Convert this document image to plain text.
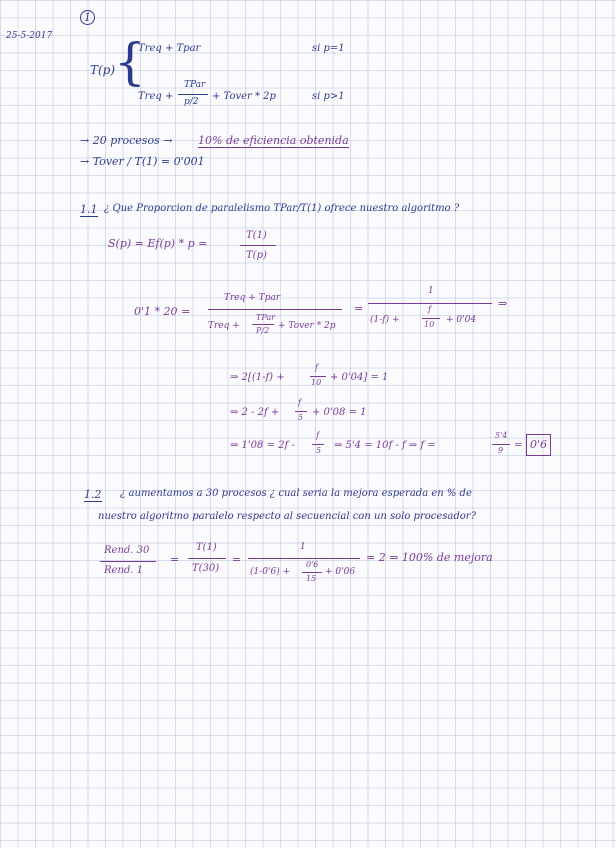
1
25-5-2017
T(p)
{
Treq + Tpar	si p=1
Treq +
TPar
p/2 + Tover * 2p	si p>1
→ 20 procesos → 10% de eficiencia obtenida
→ Tover / T(1) = 0'001
1.1 ¿ Que Proporcion de paralelismo TPar/T(1) ofrece nuestro algoritmo ?
S(p) = Ef(p) * p =
T(1)
T(p)
0'1 * 20 =
Treq + Tpar
Treq +
TPar
P/2 + Tover * 2p
=
1
(1-f) +
f
10 + 0'04
⇒
⇒ 2[(1-f) +
f
10 + 0'04] = 1
⇒ 2 - 2f +
f
5 + 0'08 = 1
⇒ 1'08 = 2f -
f
5 ⇒ 5'4 = 10f - f ⇒ f =
5'4
9 = 0'6
1.2 ¿ aumentamos a 30 procesos ¿ cual seria la mejora esperada en % de
nuestro algoritmo paralelo respecto al secuencial con un solo procesador?
Rend. 30
Rend. 1
=
T(1)
T(30)
=
1
(1-0'6) +
0'6
15
+ 0'06
= 2 ⇒ 100% de mejora
